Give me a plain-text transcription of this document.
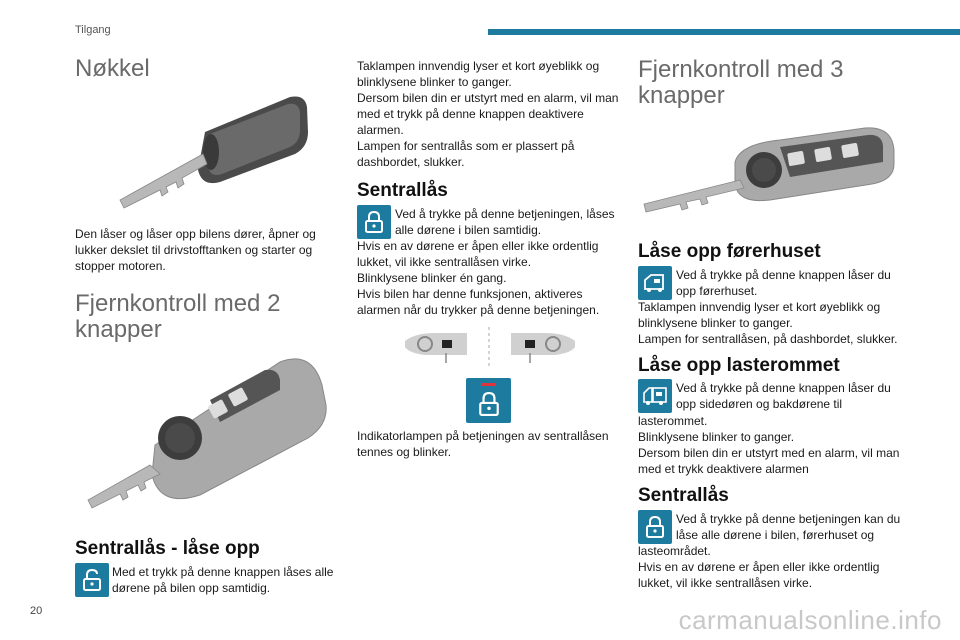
Tilgang
Nøkkel
Den låser og låser opp bilens dører, åpner og lukker dekslet til drivstofftanken og starter og stopper motoren.
Fjernkontroll med 2 knapper
Sentrallås - låse opp
Med et trykk på denne knappen låses alle dørene på bilen opp samtidig.
Taklampen innvendig lyser et kort øyeblikk og blinklysene blinker to ganger.
Dersom bilen din er utstyrt med en alarm, vil man med et trykk på denne knappen deaktivere alarmen.
Lampen for sentrallås som er plassert på dashbordet, slukker.
Sentrallås
Ved å trykke på denne betjeningen, låses alle dørene i bilen samtidig.
Hvis en av dørene er åpen eller ikke ordentlig lukket, vil ikke sentrallåsen virke.
Blinklysene blinker én gang.
Hvis bilen har denne funksjonen, aktiveres alarmen når du trykker på denne betjeningen.
Indikatorlampen på betjeningen av sentrallåsen tennes og blinker.
Fjernkontroll med 3 knapper
Låse opp førerhuset
Ved å trykke på denne knappen låser du opp førerhuset.
Taklampen innvendig lyser et kort øyeblikk og blinklysene blinker to ganger.
Lampen for sentrallåsen, på dashbordet, slukker.
Låse opp lasterommet
Ved å trykke på denne knappen låser du opp sidedøren og bakdørene til
lasterommet.
Blinklysene blinker to ganger.
Dersom bilen din er utstyrt med en alarm, vil man med et trykk deaktivere alarmen
Sentrallås
Ved å trykke på denne betjeningen kan du låse alle dørene i bilen, førerhuset og
lasteområdet.
Hvis en av dørene er åpen eller ikke ordentlig lukket, vil ikke sentrallåsen virke.
20	carmanualsonline.info
